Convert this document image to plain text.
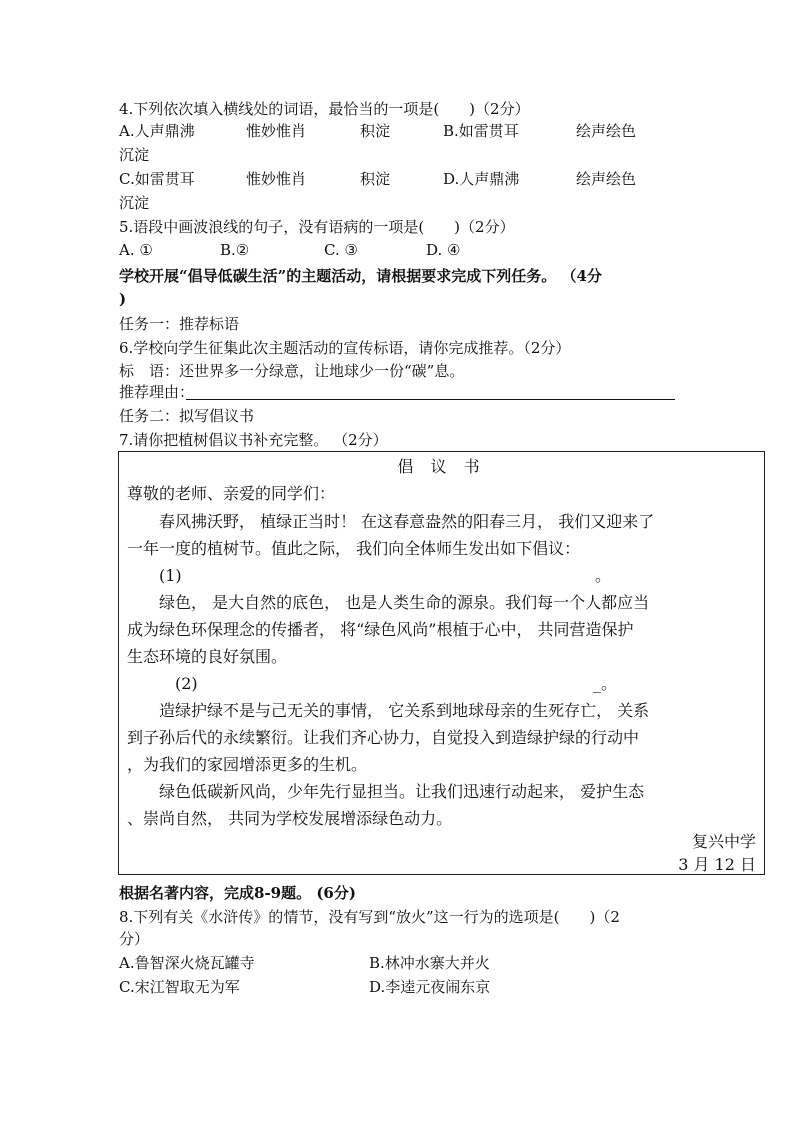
4.下列依次填入横线处的词语，最恰当的一项是( )（2分）
A.人声鼎沸	惟妙惟肖	积淀	B.如雷贯耳	绘声绘色
沉淀
C.如雷贯耳	惟妙惟肖	积淀	D.人声鼎沸	绘声绘色
沉淀
5.语段中画波浪线的句子，没有语病的一项是( )（2分）
A. ①	B.②	C. ③	D. ④
学校开展“倡导低碳生活”的主题活动，请根据要求完成下列任务。 （4分
)
任务一：推荐标语
6.学校向学生征集此次主题活动的宣传标语，请你完成推荐。（2分）
标　语：还世界多一分绿意，让地球少一份“碳”息。
推荐理由：
任务二：拟写倡议书
7.请你把植树倡议书补充完整。 （2分）
倡 议 书
尊敬的老师、亲爱的同学们：
春风拂沃野， 植绿正当时！ 在这春意盎然的阳春三月， 我们又迎来了
一年一度的植树节。值此之际， 我们向全体师生发出如下倡议：
(1)	。
绿色， 是大自然的底色， 也是人类生命的源泉。我们每一个人都应当
成为绿色环保理念的传播者， 将“绿色风尚”根植于心中， 共同营造保护
生态环境的良好氛围。
(2)	_。
造绿护绿不是与己无关的事情， 它关系到地球母亲的生死存亡， 关系
到子孙后代的永续繁衍。让我们齐心协力，自觉投入到造绿护绿的行动中
，为我们的家园增添更多的生机。
绿色低碳新风尚，少年先行显担当。让我们迅速行动起来， 爱护生态
、崇尚自然， 共同为学校发展增添绿色动力。
复兴中学
3 月 12 日
根据名著内容，完成8-9题。 (6分)
8.下列有关《水浒传》的情节，没有写到“放火”这一行为的选项是( )（2
分）
A.鲁智深火烧瓦罐寺	B.林冲水寨大并火
C.宋江智取无为军	D.李逵元夜闹东京
